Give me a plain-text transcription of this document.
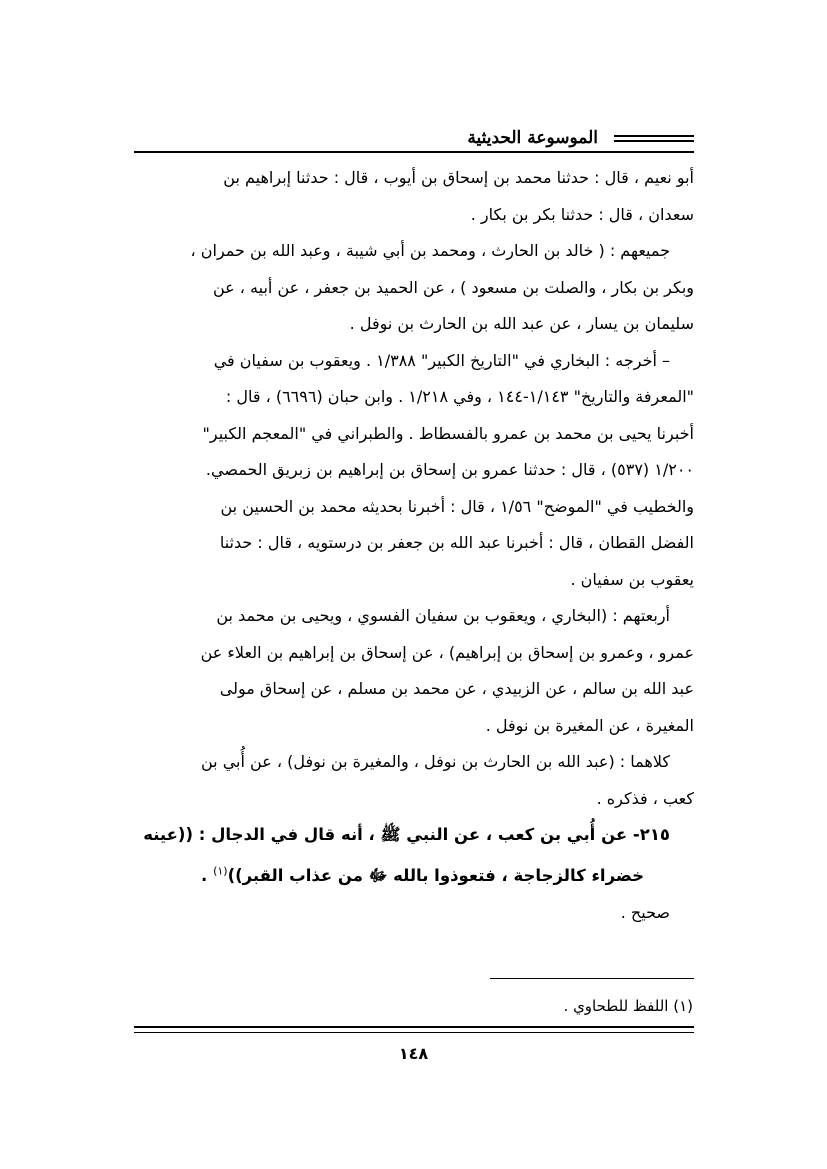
الموسوعة الحديثية

أبو نعيم ، قال : حدثنا محمد بن إسحاق بن أيوب ، قال : حدثنا إبراهيم بن
سعدان ، قال : حدثنا بكر بن بكار .

جميعهم : ( خالد بن الحارث ، ومحمد بن أبي شيبة ، وعبد الله بن حمران ،
وبكر بن بكار ، والصلت بن مسعود ) ، عن الحميد بن جعفر ، عن أبيه ، عن
سليمان بن يسار ، عن عبد الله بن الحارث بن نوفل .

– أخرجه : البخاري في "التاريخ الكبير" ١/٣٨٨ . ويعقوب بن سفيان في
"المعرفة والتاريخ" ١/١٤٣-١٤٤ ، وفي ١/٢١٨ . وابن حبان (٦٦٩٦) ، قال :
أخبرنا يحيى بن محمد بن عمرو بالفسطاط . والطبراني في "المعجم الكبير"
١/٢٠٠ (٥٣٧) ، قال : حدثنا عمرو بن إسحاق بن إبراهيم بن زبريق الحمصي.
والخطيب في "الموضح" ١/٥٦ ، قال : أخبرنا بحديثه محمد بن الحسين بن
الفضل القطان ، قال : أخبرنا عبد الله بن جعفر بن درستويه ، قال : حدثنا
يعقوب بن سفيان .

أربعتهم : (البخاري ، ويعقوب بن سفيان الفسوي ، ويحيى بن محمد بن
عمرو ، وعمرو بن إسحاق بن إبراهيم) ، عن إسحاق بن إبراهيم بن العلاء عن
عبد الله بن سالم ، عن الزبيدي ، عن محمد بن مسلم ، عن إسحاق مولى
المغيرة ، عن المغيرة بن نوفل .

كلاهما : (عبد الله بن الحارث بن نوفل ، والمغيرة بن نوفل) ، عن أُبي بن
كعب ، فذكره .

٢١٥- عن أُبي بن كعب ، عن النبي ﷺ ، أنه قال في الدجال : ((عينه
خضراء كالزجاجة ، فتعوذوا بالله ﷻ من عذاب القبر))$^{(١)}$ .

صحيح .

(١) اللفظ للطحاوي .
١٤٨
